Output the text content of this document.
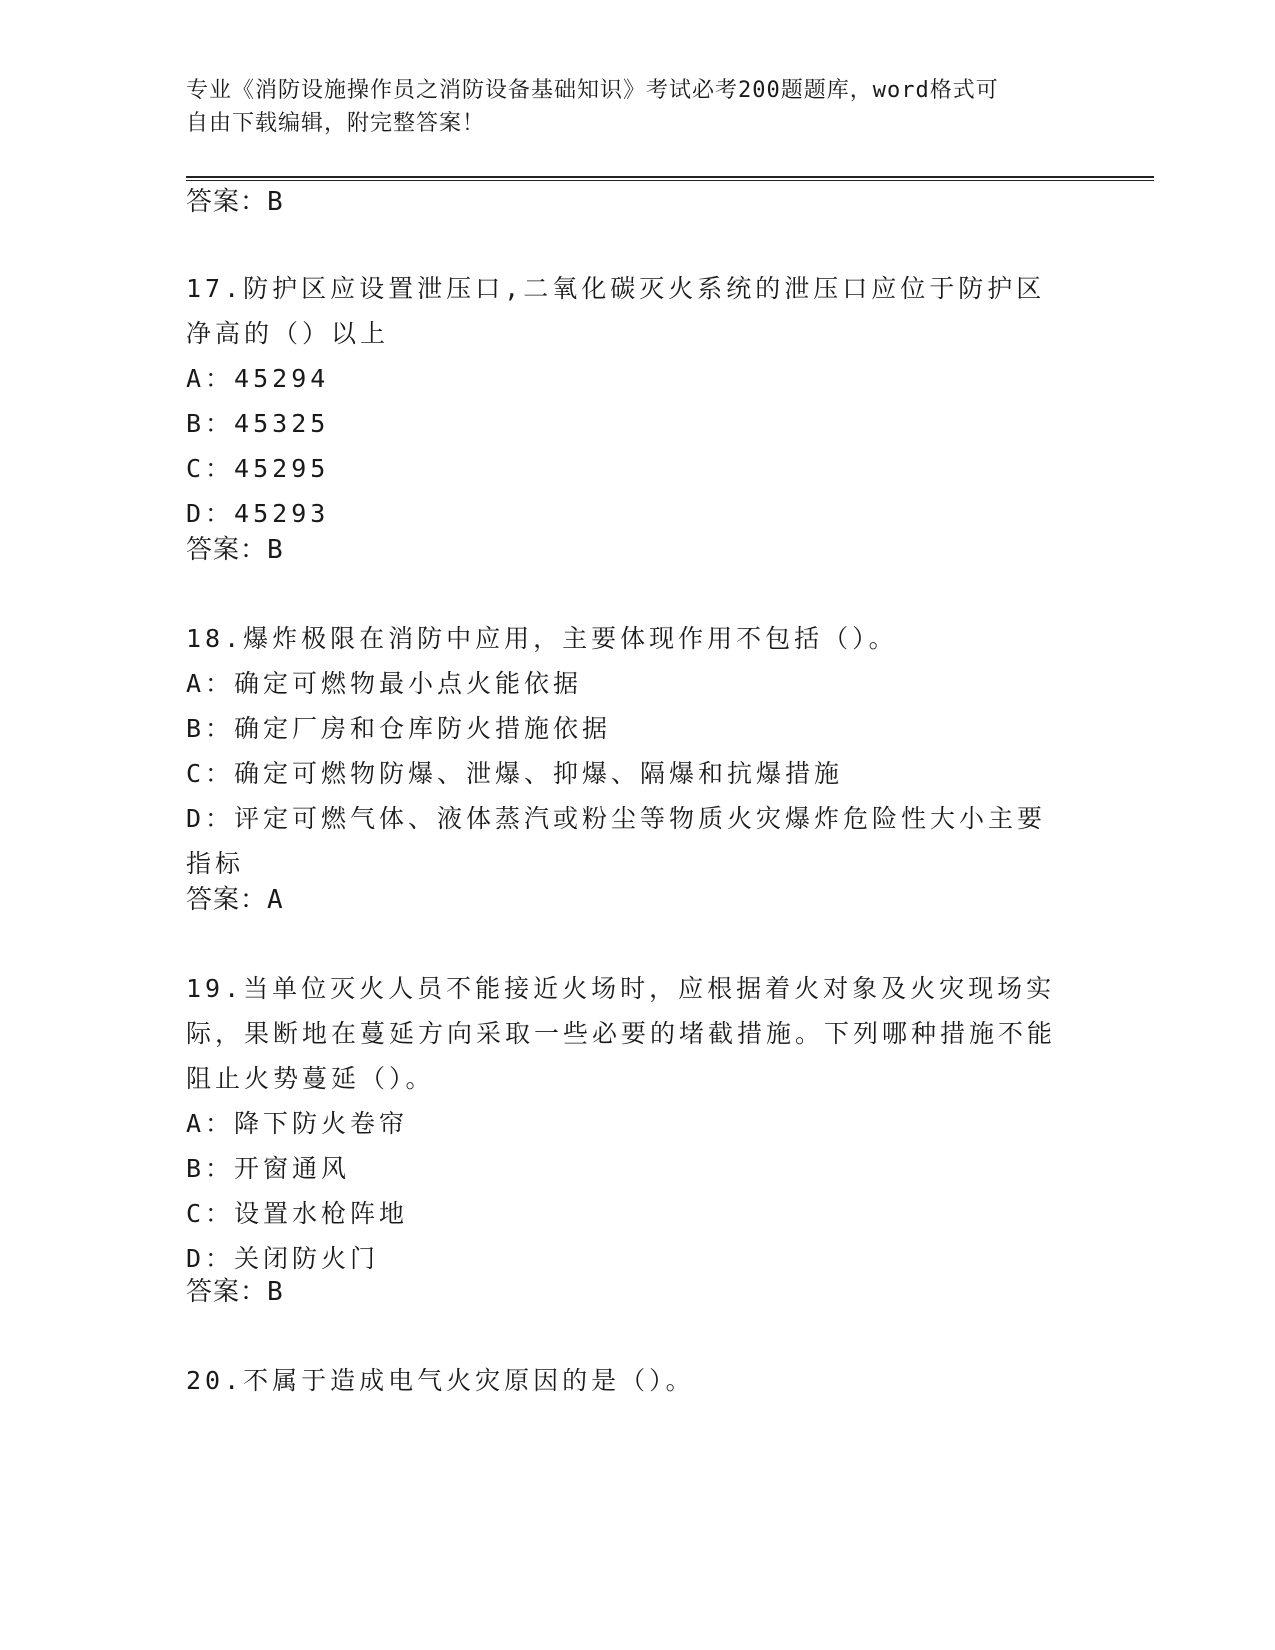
专业《消防设施操作员之消防设备基础知识》考试必考200题题库，word格式可
自由下载编辑，附完整答案！
答案：B
17.防护区应设置泄压口,二氧化碳灭火系统的泄压口应位于防护区净高的（）以上
A：45294
B：45325
C：45295
D：45293
答案：B
18.爆炸极限在消防中应用，主要体现作用不包括（）。
A：确定可燃物最小点火能依据
B：确定厂房和仓库防火措施依据
C：确定可燃物防爆、泄爆、抑爆、隔爆和抗爆措施
D：评定可燃气体、液体蒸汽或粉尘等物质火灾爆炸危险性大小主要指标
答案：A
19.当单位灭火人员不能接近火场时，应根据着火对象及火灾现场实际，果断地在蔓延方向采取一些必要的堵截措施。下列哪种措施不能阻止火势蔓延（）。
A：降下防火卷帘
B：开窗通风
C：设置水枪阵地
D：关闭防火门
答案：B
20.不属于造成电气火灾原因的是（）。
